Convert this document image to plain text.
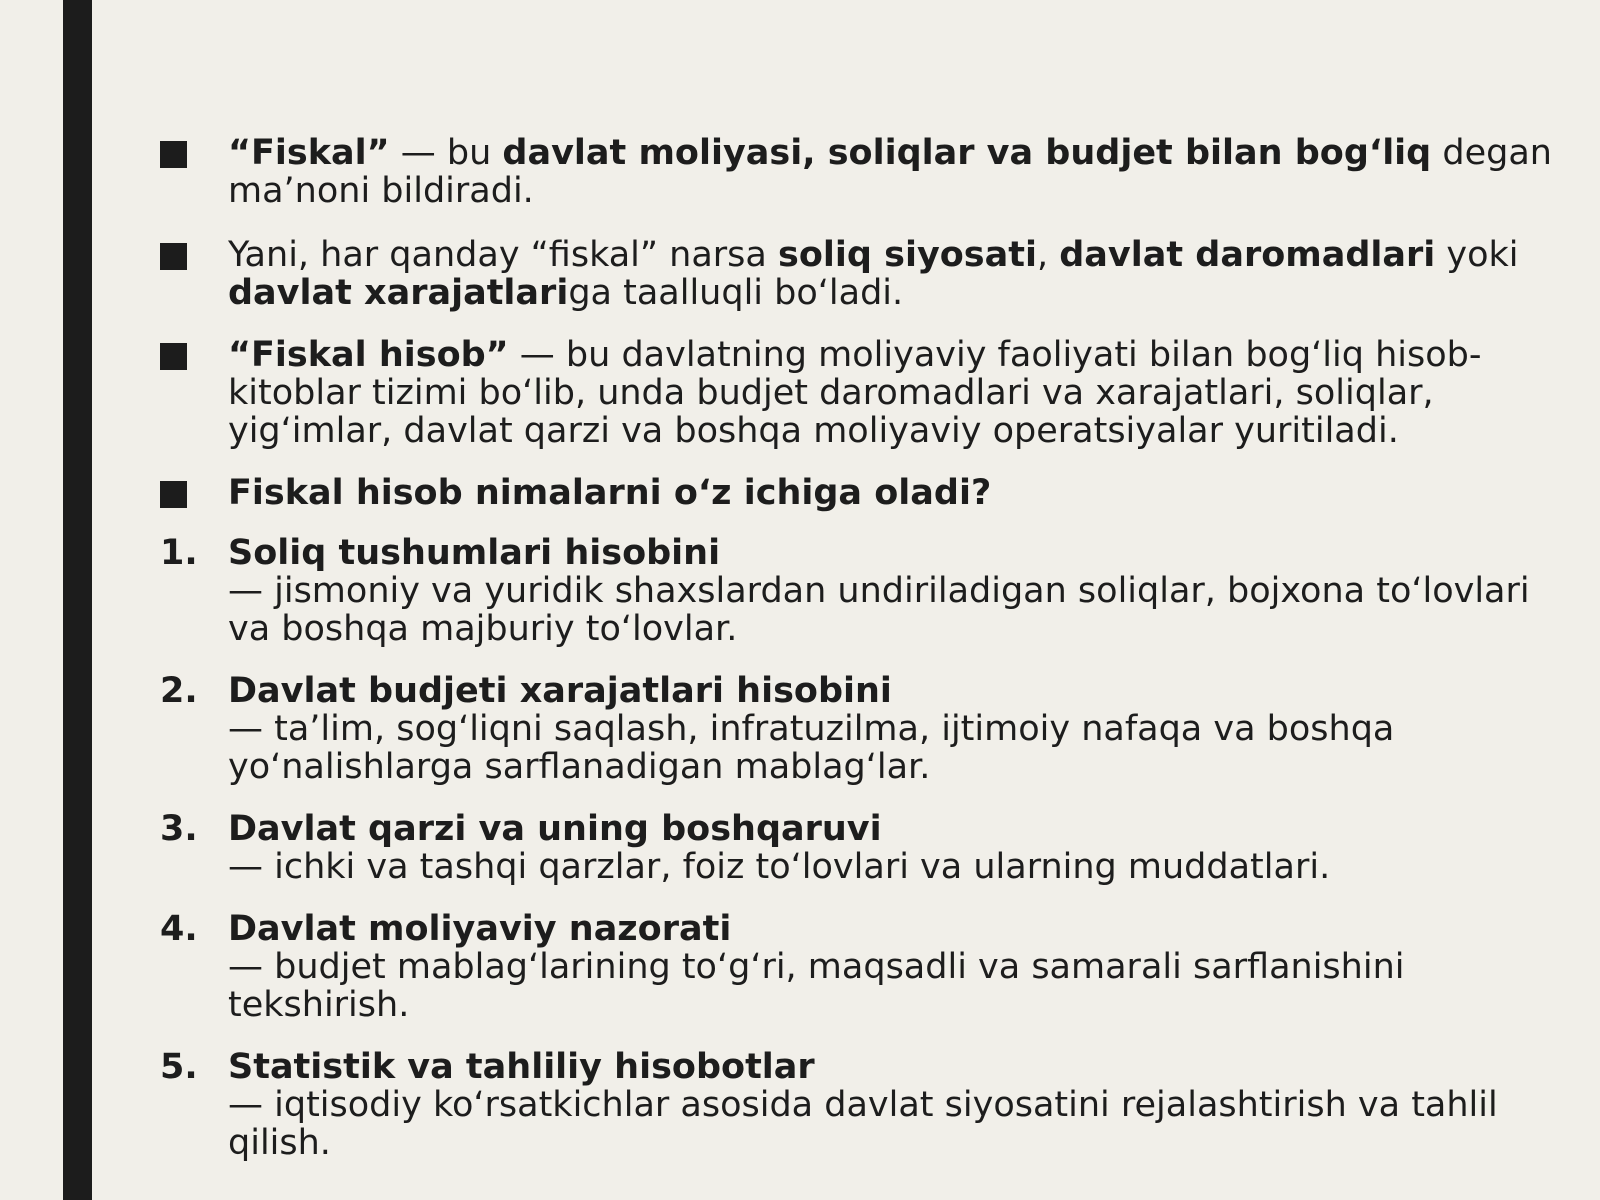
“Fiskal” — bu davlat moliyasi, soliqlar va budjet bilan bog‘liq degan ma’noni bildiradi.
Yani, har qanday “fiskal” narsa soliq siyosati, davlat daromadlari yoki davlat xarajatlariga taalluqli bo‘ladi.
“Fiskal hisob” — bu davlatning moliyaviy faoliyati bilan bog‘liq hisob-kitoblar tizimi bo‘lib, unda budjet daromadlari va xarajatlari, soliqlar, yig‘imlar, davlat qarzi va boshqa moliyaviy operatsiyalar yuritiladi.
Fiskal hisob nimalarni o‘z ichiga oladi?
1. Soliq tushumlari hisobini
— jismoniy va yuridik shaxslardan undiriladigan soliqlar, bojxona to‘lovlari va boshqa majburiy to‘lovlar.
2. Davlat budjeti xarajatlari hisobini
— ta’lim, sog‘liqni saqlash, infratuzilma, ijtimoiy nafaqa va boshqa yo‘nalishlarga sarflanadigan mablag‘lar.
3. Davlat qarzi va uning boshqaruvi
— ichki va tashqi qarzlar, foiz to‘lovlari va ularning muddatlari.
4. Davlat moliyaviy nazorati
— budjet mablag‘larining to‘g‘ri, maqsadli va samarali sarflanishini tekshirish.
5. Statistik va tahliliy hisobotlar
— iqtisodiy ko‘rsatkichlar asosida davlat siyosatini rejalashtirish va tahlil qilish.
